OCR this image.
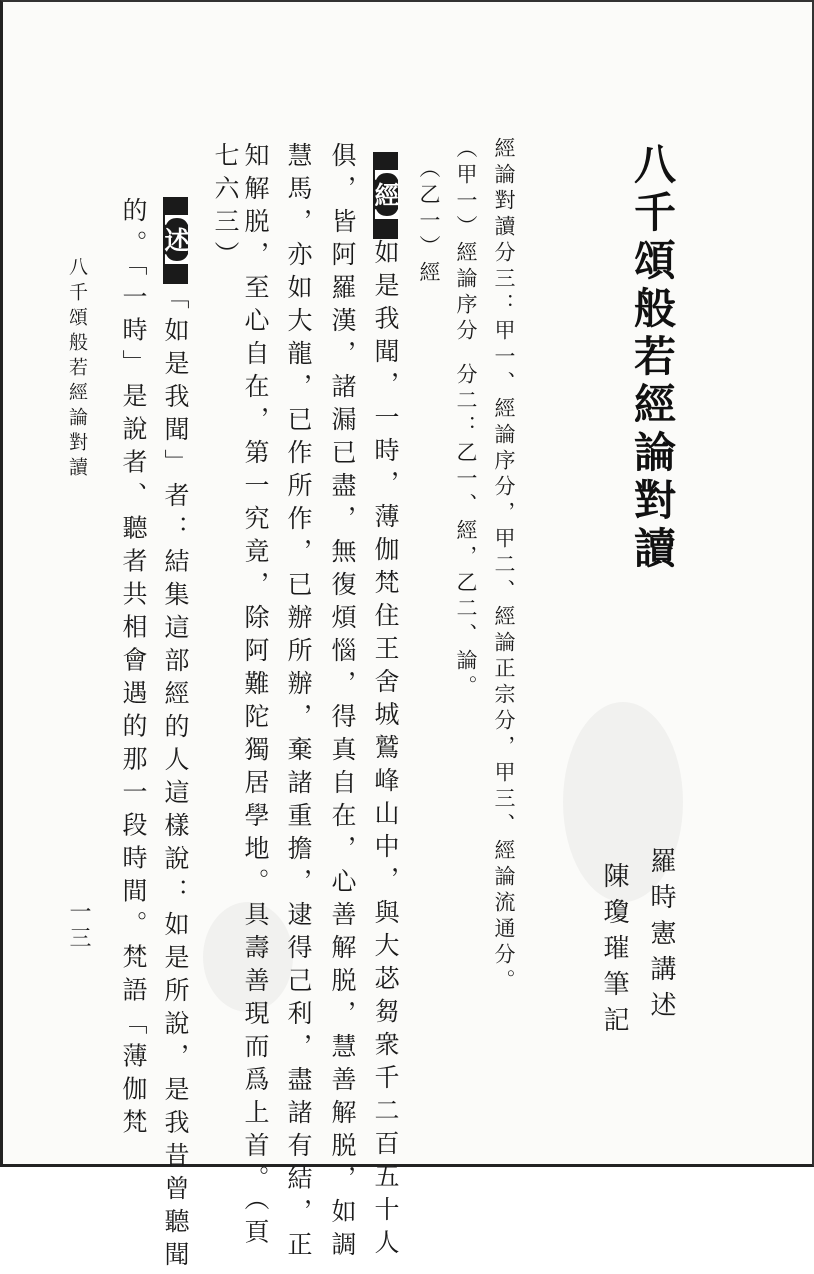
八千頌般若經論對讀
羅時憲講述
陳瓊璀筆記
經論對讀分三：甲一、經論序分，甲二、經論正宗分，甲三、經論流通分。
（甲一）經論序分分二：乙一、經，乙二、論。
（乙一）經
【經】如是我聞，一時，薄伽梵住王舍城鷲峰山中，與大苾芻衆千二百五十人
俱，皆阿羅漢，諸漏已盡，無復煩惱，得真自在，心善解脱，慧善解脱，如調
慧馬，亦如大龍，已作所作，已辦所辦，棄諸重擔，逮得己利，盡諸有結，正
知解脱，至心自在，第一究竟，除阿難陀獨居學地。具壽善現而爲上首。（頁
七六三）
【述】「如是我聞」者：結集這部經的人這樣說：如是所說，是我昔曾聽聞
的。「一時」是說者、聽者共相會遇的那一段時間。梵語「薄伽梵
八千頌般若經論對讀
一三
